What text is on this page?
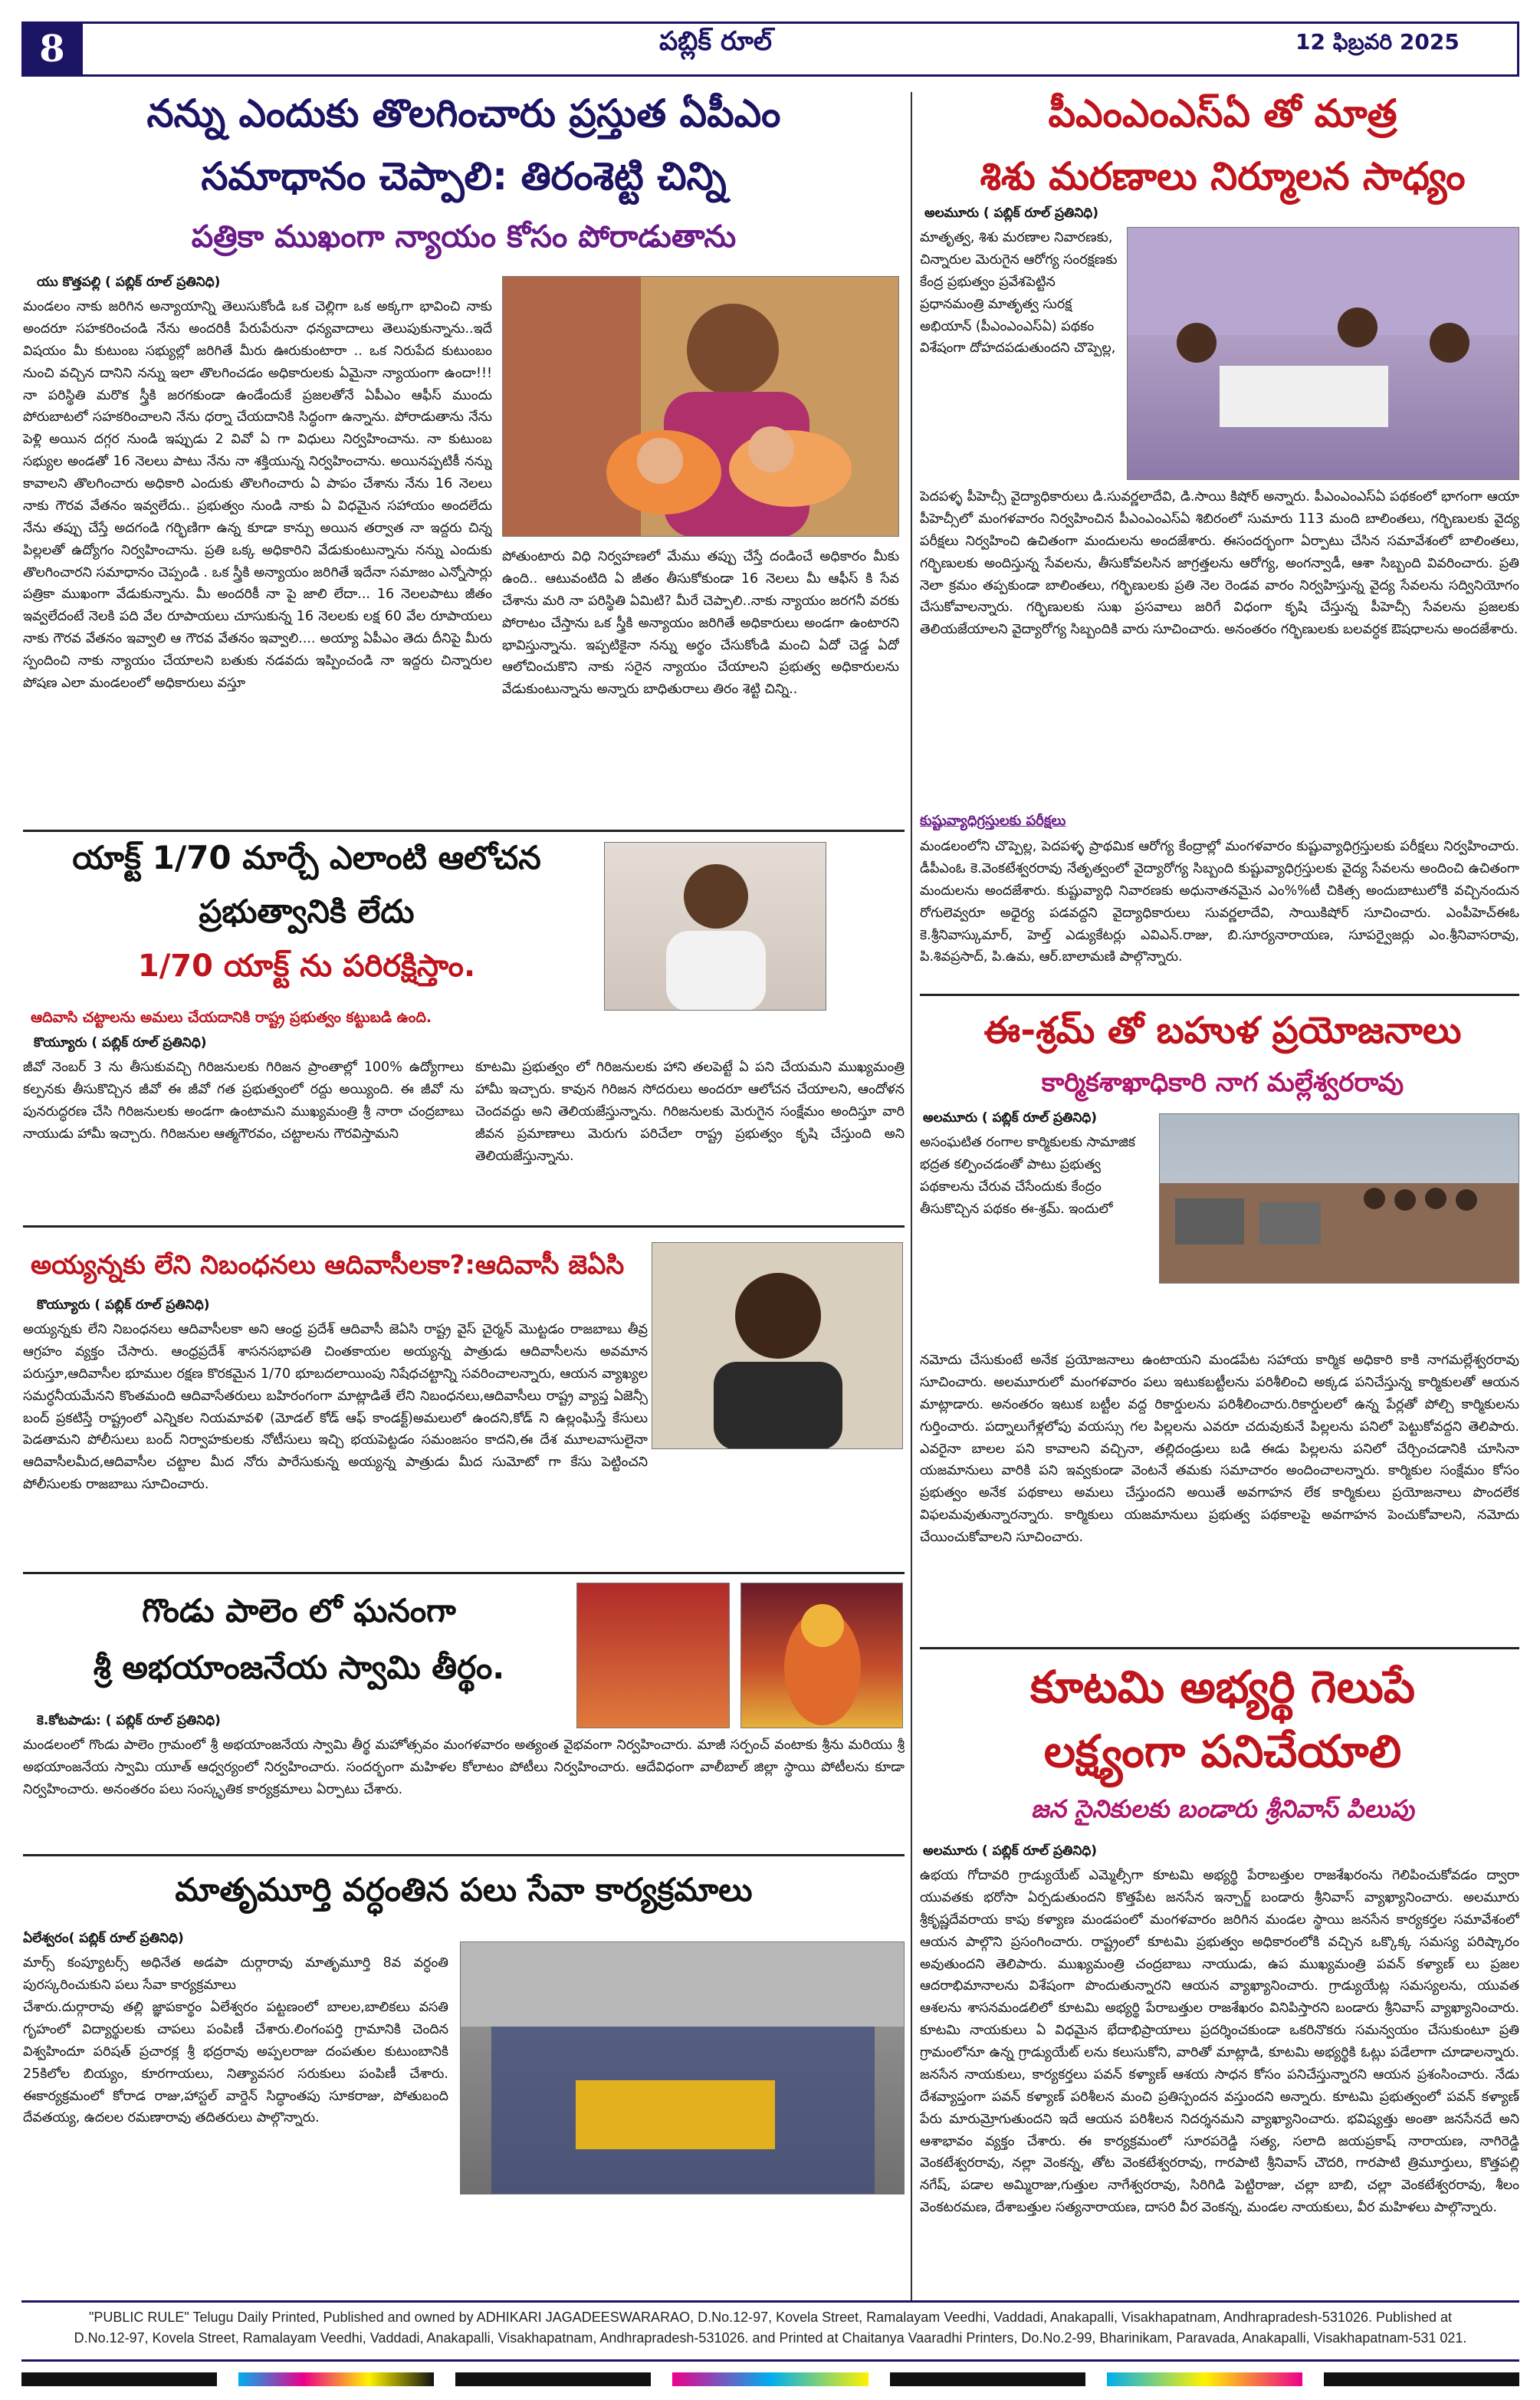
8	పబ్లిక్ రూల్	12 ఫిబ్రవరి 2025
నన్ను ఎందుకు తొలగించారు ప్రస్తుత ఏపీఎం
సమాధానం చెప్పాలి: తిరంశెట్టి చిన్ని
పత్రికా ముఖంగా న్యాయం కోసం పోరాడుతాను
యు కొత్తపల్లి ( పబ్లిక్ రూల్ ప్రతినిధి)
మండలం నాకు జరిగిన అన్యాయాన్ని తెలుసుకోండి ఒక చెల్లిగా ఒక అక్కగా భావించి నాకు అందరూ సహకరించండి నేను అందరికీ పేరుపేరునా ధన్యవాదాలు తెలుపుకున్నాను..ఇదే విషయం మీ కుటుంబ సభ్యుల్లో జరిగితే మీరు ఊరుకుంటారా .. ఒక నిరుపేద కుటుంబం నుంచి వచ్చిన దానిని నన్ను ఇలా తొలగించడం అధికారులకు ఏమైనా న్యాయంగా ఉందా!!! నా పరిస్థితి మరొక స్త్రీకి జరగకుండా ఉండేందుకే ప్రజలతోనే ఏపీఎం ఆఫీస్ ముందు పోరుబాటలో సహకరించాలని నేను ధర్నా చేయదానికి సిద్ధంగా ఉన్నాను. పోరాడుతాను నేను పెళ్లి అయిన దగ్గర నుండి ఇప్పుడు 2 వివో ఏ గా విధులు నిర్వహించాను. నా కుటుంబ సభ్యుల అండతో 16 నెలలు పాటు నేను నా శక్తియున్న నిర్వహించాను. అయినప్పటికీ నన్ను కావాలని తొలగించారు అధికారి ఎందుకు తొలగించారు ఏ పాపం చేశాను నేను 16 నెలలు నాకు గౌరవ వేతనం ఇవ్వలేదు.. ప్రభుత్వం నుండి నాకు ఏ విధమైన సహాయం అందలేదు నేను తప్పు చేస్తే అదగండి గర్భిణిగా ఉన్న కూడా కాన్పు అయిన తర్వాత నా ఇద్దరు చిన్న పిల్లలతో ఉద్యోగం నిర్వహించాను. ప్రతి ఒక్క అధికారిని వేడుకుంటున్నాను నన్ను ఎందుకు తొలగించారని సమాధానం చెప్పండి . ఒక స్త్రీకి అన్యాయం జరిగితే ఇదేనా సమాజం ఎన్నోసార్లు పత్రికా ముఖంగా వేడుకున్నాను. మీ అందరికీ నా పై జాలి లేదా... 16 నెలలపాటు జీతం ఇవ్వలేదంటే నెలకి పది వేల రూపాయలు చూసుకున్న 16 నెలలకు లక్ష 60 వేల రూపాయలు నాకు గౌరవ వేతనం ఇవ్వాలి ఆ గౌరవ వేతనం ఇవ్వాలి.... అయ్యా ఏపీఎం తెదు దీనిపై మీరు స్పందించి నాకు న్యాయం చేయాలని బతుకు నడవదు ఇప్పించండి నా ఇద్దరు చిన్నారుల పోషణ ఎలా మండలంలో అధికారులు వస్తూ
పోతుంటారు విధి నిర్వహణలో మేము తప్పు చేస్తే దండించే అధికారం మీకు ఉంది.. ఆటువంటిది ఏ జీతం తీసుకోకుండా 16 నెలలు మీ ఆఫీస్ కి సేవ చేశాను మరి నా పరిస్థితి ఏమిటి? మీరే చెప్పాలి..నాకు న్యాయం జరగనీ వరకు పోరాటం చేస్తాను ఒక స్త్రీకి అన్యాయం జరిగితే అధికారులు అండగా ఉంటారని భావిస్తున్నాను. ఇప్పటికైనా నన్ను అర్థం చేసుకోండి మంచి ఏదో చెడ్డ ఏదో ఆలోచించుకొని నాకు సరైన న్యాయం చేయాలని ప్రభుత్వ అధికారులను వేడుకుంటున్నాను అన్నారు బాధితురాలు తిరం శెట్టి చిన్ని..
యాక్ట్ 1/70 మార్చే ఎలాంటి ఆలోచన
ప్రభుత్వానికి లేదు
1/70 యాక్ట్ ను పరిరక్షిస్తాం.
ఆదివాసి చట్టాలను అమలు చేయదానికి రాష్ట్ర ప్రభుత్వం కట్టుబడి ఉంది.
కొయ్యూరు ( పబ్లిక్ రూల్ ప్రతినిధి)
జీవో నెంబర్ 3 ను తీసుకువచ్చి గిరిజనులకు గిరిజన ప్రాంతాల్లో 100% ఉద్యోగాలు కల్పనకు తీసుకొచ్చిన జీవో ఈ జీవో గత ప్రభుత్వంలో రద్దు అయ్యింది. ఈ జీవో ను పునరుద్ధరణ చేసి గిరిజనులకు అండగా ఉంటామని ముఖ్యమంత్రి శ్రీ నారా చంద్రబాబు నాయుడు హామీ ఇచ్చారు. గిరిజనుల ఆత్మగౌరవం, చట్టాలను గౌరవిస్తామని
కూటమి ప్రభుత్వం లో గిరిజనులకు హాని తలపెట్టే ఏ పని చేయమని ముఖ్యమంత్రి హామీ ఇచ్చారు. కావున గిరిజన సోదరులు అందరూ ఆలోచన చేయాలని, ఆందోళన చెందవద్దు అని తెలియజేస్తున్నాను. గిరిజనులకు మెరుగైన సంక్షేమం అందిస్తూ వారి జీవన ప్రమాణాలు మెరుగు పరిచేలా రాష్ట్ర ప్రభుత్వం కృషి చేస్తుంది అని తెలియజేస్తున్నాను.
అయ్యన్నకు లేని నిబంధనలు ఆదివాసీలకా?:ఆదివాసీ జెఏసి
కొయ్యూరు ( పబ్లిక్ రూల్ ప్రతినిధి)
అయ్యన్నకు లేని నిబంధనలు ఆదివాసీలకా అని ఆంధ్ర ప్రదేశ్ ఆదివాసీ జెఏసి రాష్ట్ర వైస్ చైర్మన్ మొట్టడం రాజబాబు తీవ్ర ఆగ్రహం వ్యక్తం చేసారు. ఆంధ్రప్రదేశ్ శాసనసభాపతి చింతకాయల అయ్యన్న పాత్రుడు ఆదివాసీలను అవమాన పరుస్తూ,ఆదివాసీల భూముల రక్షణ కొరకమైన 1/70 భూబదలాయింపు నిషేధచట్టాన్ని సవరించాలన్నారు, ఆయన వ్యాఖ్యల సమర్ధనీయమేనని కొంతమంది ఆదివాసేతరులు బహిరంగంగా మాట్లాడితే లేని నిబంధనలు,ఆదివాసీలు రాష్ట్ర వ్యాప్త ఏజెన్సీ బంద్ ప్రకటిస్తే రాష్ట్రంలో ఎన్నికల నియమావళి (మోడల్ కోడ్ ఆఫ్ కాండక్ట్)అమలులో ఉందని,కోడ్ ని ఉల్లంఘిస్తే కేసులు పెడతామని పోలీసులు బంద్ నిర్వాహకులకు నోటీసులు ఇచ్చి భయపెట్టడం సమంజసం కాదని,ఈ దేశ మూలవాసులైనా ఆదివాసీలమీద,ఆదివాసీల చట్టాల మీద నోరు పారేసుకున్న అయ్యన్న పాత్రుడు మీద సుమోటో గా కేసు పెట్టించని పోలీసులకు రాజబాబు సూచించారు.
గొండు పాలెం లో ఘనంగా
శ్రీ అభయాంజనేయ స్వామి తీర్థం.
కె.కోటపాడు: ( పబ్లిక్ రూల్ ప్రతినిధి)
మండలంలో గొండు పాలెం గ్రామంలో శ్రీ అభయాంజనేయ స్వామి తీర్థ మహోత్సవం మంగళవారం అత్యంత వైభవంగా నిర్వహించారు. మాజీ సర్పంచ్ వంటాకు శ్రీను మరియు శ్రీ అభయాంజనేయ స్వామి యూత్ ఆధ్వర్యంలో నిర్వహించారు. సందర్భంగా మహిళల కోలాటం పోటీలు నిర్వహించారు. ఆదేవిధంగా వాలీబాల్ జిల్లా స్థాయి పోటీలను కూడా నిర్వహించారు. అనంతరం పలు సంస్కృతిక కార్యక్రమాలు ఏర్పాటు చేశారు.
మాతృమూర్తి వర్ధంతిన పలు సేవా కార్యక్రమాలు
ఏలేశ్వరం( పబ్లిక్ రూల్ ప్రతినిధి)
మార్స్ కంప్యూటర్స్ అధినేత అడపా దుర్గారావు మాతృమూర్తి 8వ వర్ధంతి పురస్కరించుకుని పలు సేవా కార్యక్రమాలు
చేశారు.దుర్గారావు తల్లి జ్ఞాపకార్థం ఏలేశ్వరం పట్టణంలో బాలల,బాలికలు వసతి గృహంలో విద్యార్థులకు చాపలు పంపిణీ చేశారు.లింగంపర్తి గ్రామానికి చెందిన విశ్వహిందూ పరిషత్ ప్రచారక్ల శ్రీ భద్రరావు అప్పలరాజు దంపతుల కుటుంబానికి 25కిలోల బియ్యం, కూరగాయలు, నిత్యావసర సరుకులు పంపిణీ చేశారు. ఈకార్యక్రమంలో కోరాడ రాజు,హాస్టల్ వార్డెన్ సిద్ధాంతపు సూకరాజు, పోతుబంది దేవతయ్య, ఉదలల రమణారావు తదితరులు పాల్గొన్నారు.
పీఎంఎంఎస్ఏ తో మాత్ర
శిశు మరణాలు నిర్మూలన సాధ్యం
అలమూరు ( పబ్లిక్ రూల్ ప్రతినిధి)
మాతృత్వ, శిశు మరణాల నివారణకు, చిన్నారుల మెరుగైన ఆరోగ్య సంరక్షణకు కేంద్ర ప్రభుత్వం ప్రవేశపెట్టిన ప్రధానమంత్రి మాతృత్వ సురక్ష అభియాన్ (పీఎంఎంఎస్ఏ) పథకం విశేషంగా దోహదపడుతుందని చొప్పెల్ల,
పెదపళ్ళ పీహెచ్సీ వైద్యాధికారులు డి.సువర్ణలాదేవి, డి.సాయి కిషోర్ అన్నారు. పీఎంఎంఎస్ఏ పథకంలో భాగంగా ఆయా పీహెచ్సీలో మంగళవారం నిర్వహించిన పీఎంఎంఎస్ఏ శిబిరంలో సుమారు 113 మంది బాలింతలు, గర్భిణులకు వైద్య పరీక్షలు నిర్వహించి ఉచితంగా మందులను అందజేశారు. ఈసందర్భంగా ఏర్పాటు చేసిన సమావేశంలో బాలింతలు, గర్భిణులకు అందిస్తున్న సేవలను, తీసుకోవలసిన జాగ్రత్తలను ఆరోగ్య, అంగన్వాడీ, ఆశా సిబ్బంది వివరించారు. ప్రతి నెలా క్రమం తప్పకుండా బాలింతలు, గర్భిణులకు ప్రతి నెల రెండవ వారం నిర్వహిస్తున్న వైద్య సేవలను సద్వినియోగం చేసుకోవాలన్నారు. గర్భిణులకు సుఖ ప్రసవాలు జరిగే విధంగా కృషి చేస్తున్న పీహెచ్సీ సేవలను ప్రజలకు తెలియజేయాలని వైద్యారోగ్య సిబ్బందికి వారు సూచించారు. అనంతరం గర్భిణులకు బలవర్ధక ఔషధాలను అందజేశారు.
కుష్టువ్యాధిగ్రస్తులకు పరీక్షలు
మండలంలోని చొప్పెల్ల, పెదపళ్ళ ప్రాథమిక ఆరోగ్య కేంద్రాల్లో మంగళవారం కుష్టువ్యాధిగ్రస్తులకు పరీక్షలు నిర్వహించారు. డీపీఎంఓ కె.వెంకటేశ్వరరావు నేతృత్వంలో వైద్యారోగ్య సిబ్బంది కుష్టువ్యాధిగ్రస్తులకు వైద్య సేవలను అందించి ఉచితంగా మందులను అందజేశారు. కుష్టువ్యాధి నివారణకు అధునాతనమైన ఎం%%టీ చికిత్స అందుబాటులోకి వచ్చినందున రోగులెవ్వరూ అధైర్య పడవద్దని వైద్యాధికారులు సువర్ణలాదేవి, సాయికిషోర్ సూచించారు. ఎంపీహెచ్ఈఓ కె.శ్రీనివాస్కుమార్, హెల్త్ ఎడ్యుకేటర్లు ఎవిఎన్.రాజు, బి.సూర్యనారాయణ, సూపర్వైజర్లు ఎం.శ్రీనివాసరావు, పి.శివప్రసాద్, పి.ఉమ, ఆర్.బాలామణి పాల్గొన్నారు.
ఈ-శ్రమ్ తో బహుళ ప్రయోజనాలు
కార్మికశాఖాధికారి నాగ మల్లేశ్వరరావు
అలమూరు ( పబ్లిక్ రూల్ ప్రతినిధి)
అసంఘటిత రంగాల కార్మికులకు సామాజిక భద్రత కల్పించడంతో పాటు ప్రభుత్వ పథకాలను చేరువ చేసేందుకు కేంద్రం తీసుకొచ్చిన పథకం ఈ-శ్రమ్. ఇందులో
నమోదు చేసుకుంటే అనేక ప్రయోజనాలు ఉంటాయని మండపేట సహాయ కార్మిక అధికారి కాకి నాగమల్లేశ్వరరావు సూచించారు. అలమూరులో మంగళవారం పలు ఇటుకబట్టీలను పరిశీలించి అక్కడ పనిచేస్తున్న కార్మికులతో ఆయన మాట్లాడారు. అనంతరం ఇటుక బట్టీల వద్ద రికార్డులను పరిశీలించారు.రికార్డులలో ఉన్న పేర్లతో పోల్చి కార్మికులను గుర్తించారు. పద్నాలుగేళ్లలోపు వయస్సు గల పిల్లలను ఎవరూ చదువుకునే పిల్లలను పనిలో పెట్టుకోవద్దని తెలిపారు. ఎవరైనా బాలల పని కావాలని వచ్చినా, తల్లిదండ్రులు బడి ఈడు పిల్లలను పనిలో చేర్చించడానికి చూసినా యజమానులు వారికి పని ఇవ్వకుండా వెంటనే తమకు సమాచారం అందించాలన్నారు. కార్మికుల సంక్షేమం కోసం ప్రభుత్వం అనేక పథకాలు అమలు చేస్తుందని అయితే అవగాహన లేక కార్మికులు ప్రయోజనాలు పొందలేక విఫలమవుతున్నారన్నారు. కార్మికులు యజమానులు ప్రభుత్వ పథకాలపై అవగాహన పెంచుకోవాలని, నమోదు చేయించుకోవాలని సూచించారు.
కూటమి అభ్యర్థి గెలుపే
లక్ష్యంగా పనిచేయాలి
జన సైనికులకు బండారు శ్రీనివాస్ పిలుపు
అలమూరు ( పబ్లిక్ రూల్ ప్రతినిధి)
ఉభయ గోదావరి గ్రాడ్యుయేట్ ఎమ్మెల్సీగా కూటమి అభ్యర్థి పేరాబత్తుల రాజశేఖరంను గెలిపించుకోవడం ద్వారా యువతకు భరోసా ఏర్పడుతుందని కొత్తపేట జనసేన ఇన్చార్జ్ బండారు శ్రీనివాస్ వ్యాఖ్యానించారు. అలమూరు శ్రీకృష్ణదేవరాయ కాపు కళ్యాణ మండపంలో మంగళవారం జరిగిన మండల స్థాయి జనసేన కార్యకర్తల సమావేశంలో ఆయన పాల్గొని ప్రసంగించారు. రాష్ట్రంలో కూటమి ప్రభుత్వం అధికారంలోకి వచ్చిన ఒక్కొక్క సమస్య పరిష్కారం అవుతుందని తెలిపారు. ముఖ్యమంత్రి చంద్రబాబు నాయుడు, ఉప ముఖ్యమంత్రి పవన్ కళ్యాణ్ లు ప్రజల ఆదరాభిమానాలను విశేషంగా పొందుతున్నారని ఆయన వ్యాఖ్యానించారు. గ్రాడ్యుయేట్ల సమస్యలను, యువత ఆశలను శాసనమండలిలో కూటమి అభ్యర్థి పేరాబత్తుల రాజశేఖరం వినిపిస్తారని బండారు శ్రీనివాస్ వ్యాఖ్యానించారు. కూటమి నాయకులు ఏ విధమైన భేదాభిప్రాయాలు ప్రదర్శించకుండా ఒకరినొకరు సమన్వయం చేసుకుంటూ ప్రతి గ్రామంలోనూ ఉన్న గ్రాడ్యుయేట్ లను కలుసుకోని, వారితో మాట్లాడి, కూటమి అభ్యర్థికి ఓట్లు పడేలాగా చూడాలన్నారు. జనసేన నాయకులు, కార్యకర్తలు పవన్ కళ్యాణ్ ఆశయ సాధన కోసం పనిచేస్తున్నారని ఆయన ప్రశంసించారు. నేడు దేశవ్యాప్తంగా పవన్ కళ్యాణ్ పరిశీలన మంచి ప్రతిస్పందన వస్తుందని అన్నారు. కూటమి ప్రభుత్వంలో పవన్ కళ్యాణ్ పేరు మారుమ్రోగుతుందని ఇదే ఆయన పరిశీలన నిదర్శనమని వ్యాఖ్యానించారు. భవిష్యత్తు అంతా జనసేనదే అని ఆశాభావం వ్యక్తం చేశారు. ఈ కార్యక్రమంలో సూరపరెడ్డి సత్య, సలాది జయప్రకాష్ నారాయణ, నాగిరెడ్డి వెంకటేశ్వరరావు, నల్లా వెంకన్న, తోట వెంకటేశ్వరరావు, గారపాటి శ్రీనివాస్ చౌదరి, గారపాటి త్రిమూర్తులు, కొత్తపల్లి నగేష్, పడాల అమ్మిరాజు,గుత్తుల నాగేశ్వరరావు, సిరిగిడి పెట్టిరాజు, చల్లా బాబి, చల్లా వెంకటేశ్వరరావు, శీలం వెంకటరమణ, దేశాబత్తుల సత్యనారాయణ, దాసరి వీర వెంకన్న, మండల నాయకులు, వీర మహిళలు పాల్గొన్నారు.
"PUBLIC RULE" Telugu Daily Printed, Published and owned by ADHIKARI JAGADEESWARARAO, D.No.12-97, Kovela Street, Ramalayam Veedhi, Vaddadi, Anakapalli, Visakhapatnam, Andhrapradesh-531026. Published at
D.No.12-97, Kovela Street, Ramalayam Veedhi, Vaddadi, Anakapalli, Visakhapatnam, Andhrapradesh-531026. and Printed at Chaitanya Vaaradhi Printers, Do.No.2-99, Bharinikam, Paravada, Anakapalli, Visakhapatnam-531 021.
